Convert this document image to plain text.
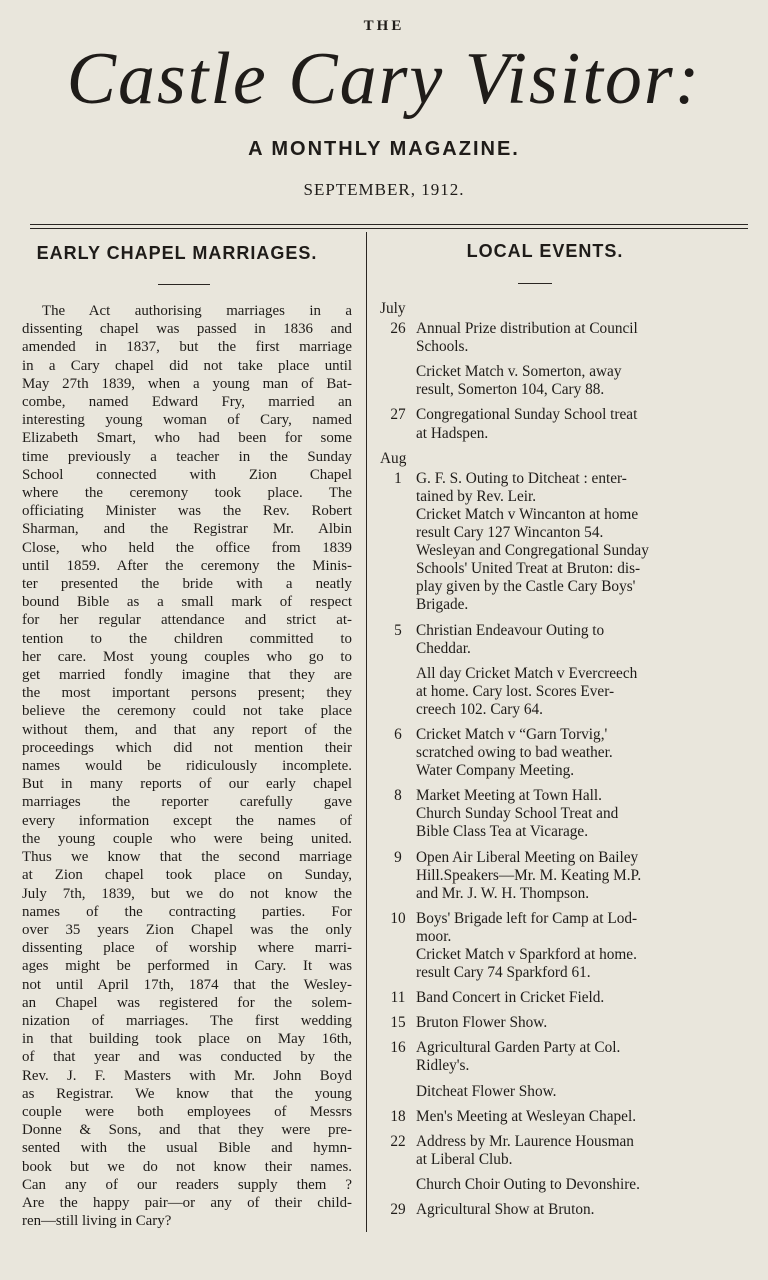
THE
Castle Cary Visitor:
A MONTHLY MAGAZINE.
SEPTEMBER, 1912.
EARLY CHAPEL MARRIAGES.	LOCAL EVENTS.
The Act authorising marriages in a
dissenting chapel was passed in 1836 and
amended in 1837, but the first marriage
in a Cary chapel did not take place until
May 27th 1839, when a young man of Bat-
combe, named Edward Fry, married an
interesting young woman of Cary, named
Elizabeth Smart, who had been for some
time previously a teacher in the Sunday
School connected with Zion Chapel
where the ceremony took place. The
officiating Minister was the Rev. Robert
Sharman, and the Registrar Mr. Albin
Close, who held the office from 1839
until 1859. After the ceremony the Minis-
ter presented the bride with a neatly
bound Bible as a small mark of respect
for her regular attendance and strict at-
tention to the children committed to
her care. Most young couples who go to
get married fondly imagine that they are
the most important persons present; they
believe the ceremony could not take place
without them, and that any report of the
proceedings which did not mention their
names would be ridiculously incomplete.
But in many reports of our early chapel
marriages the reporter carefully gave
every information except the names of
the young couple who were being united.
Thus we know that the second marriage
at Zion chapel took place on Sunday,
July 7th, 1839, but we do not know the
names of the contracting parties. For
over 35 years Zion Chapel was the only
dissenting place of worship where marri-
ages might be performed in Cary. It was
not until April 17th, 1874 that the Wesley-
an Chapel was registered for the solem-
nization of marriages. The first wedding
in that building took place on May 16th,
of that year and was conducted by the
Rev. J. F. Masters with Mr. John Boyd
as Registrar. We know that the young
couple were both employees of Messrs
Donne & Sons, and that they were pre-
sented with the usual Bible and hymn-
book but we do not know their names.
Can any of our readers supply them ?
Are the happy pair—or any of their child-
ren—still living in Cary?
July
26 Annual Prize distribution at Council
Schools.
Cricket Match v. Somerton, away
result, Somerton 104, Cary 88.
27 Congregational Sunday School treat
at Hadspen.
Aug
1 G. F. S. Outing to Ditcheat : enter-
tained by Rev. Leir.
Cricket Match v Wincanton at home
result Cary 127 Wincanton 54.
Wesleyan and Congregational Sunday
Schools' United Treat at Bruton: dis-
play given by the Castle Cary Boys'
Brigade.
5 Christian Endeavour Outing to
Cheddar.
All day Cricket Match v Evercreech
at home. Cary lost. Scores Ever-
creech 102. Cary 64.
6 Cricket Match v “Garn Torvig,'
scratched owing to bad weather.
Water Company Meeting.
8 Market Meeting at Town Hall.
Church Sunday School Treat and
Bible Class Tea at Vicarage.
9 Open Air Liberal Meeting on Bailey
Hill.Speakers—Mr. M. Keating M.P.
and Mr. J. W. H. Thompson.
10 Boys' Brigade left for Camp at Lod-
moor.
Cricket Match v Sparkford at home.
result Cary 74 Sparkford 61.
11 Band Concert in Cricket Field.
15 Bruton Flower Show.
16 Agricultural Garden Party at Col.
Ridley's.
Ditcheat Flower Show.
18 Men's Meeting at Wesleyan Chapel.
22 Address by Mr. Laurence Housman
at Liberal Club.
Church Choir Outing to Devonshire.
29 Agricultural Show at Bruton.
